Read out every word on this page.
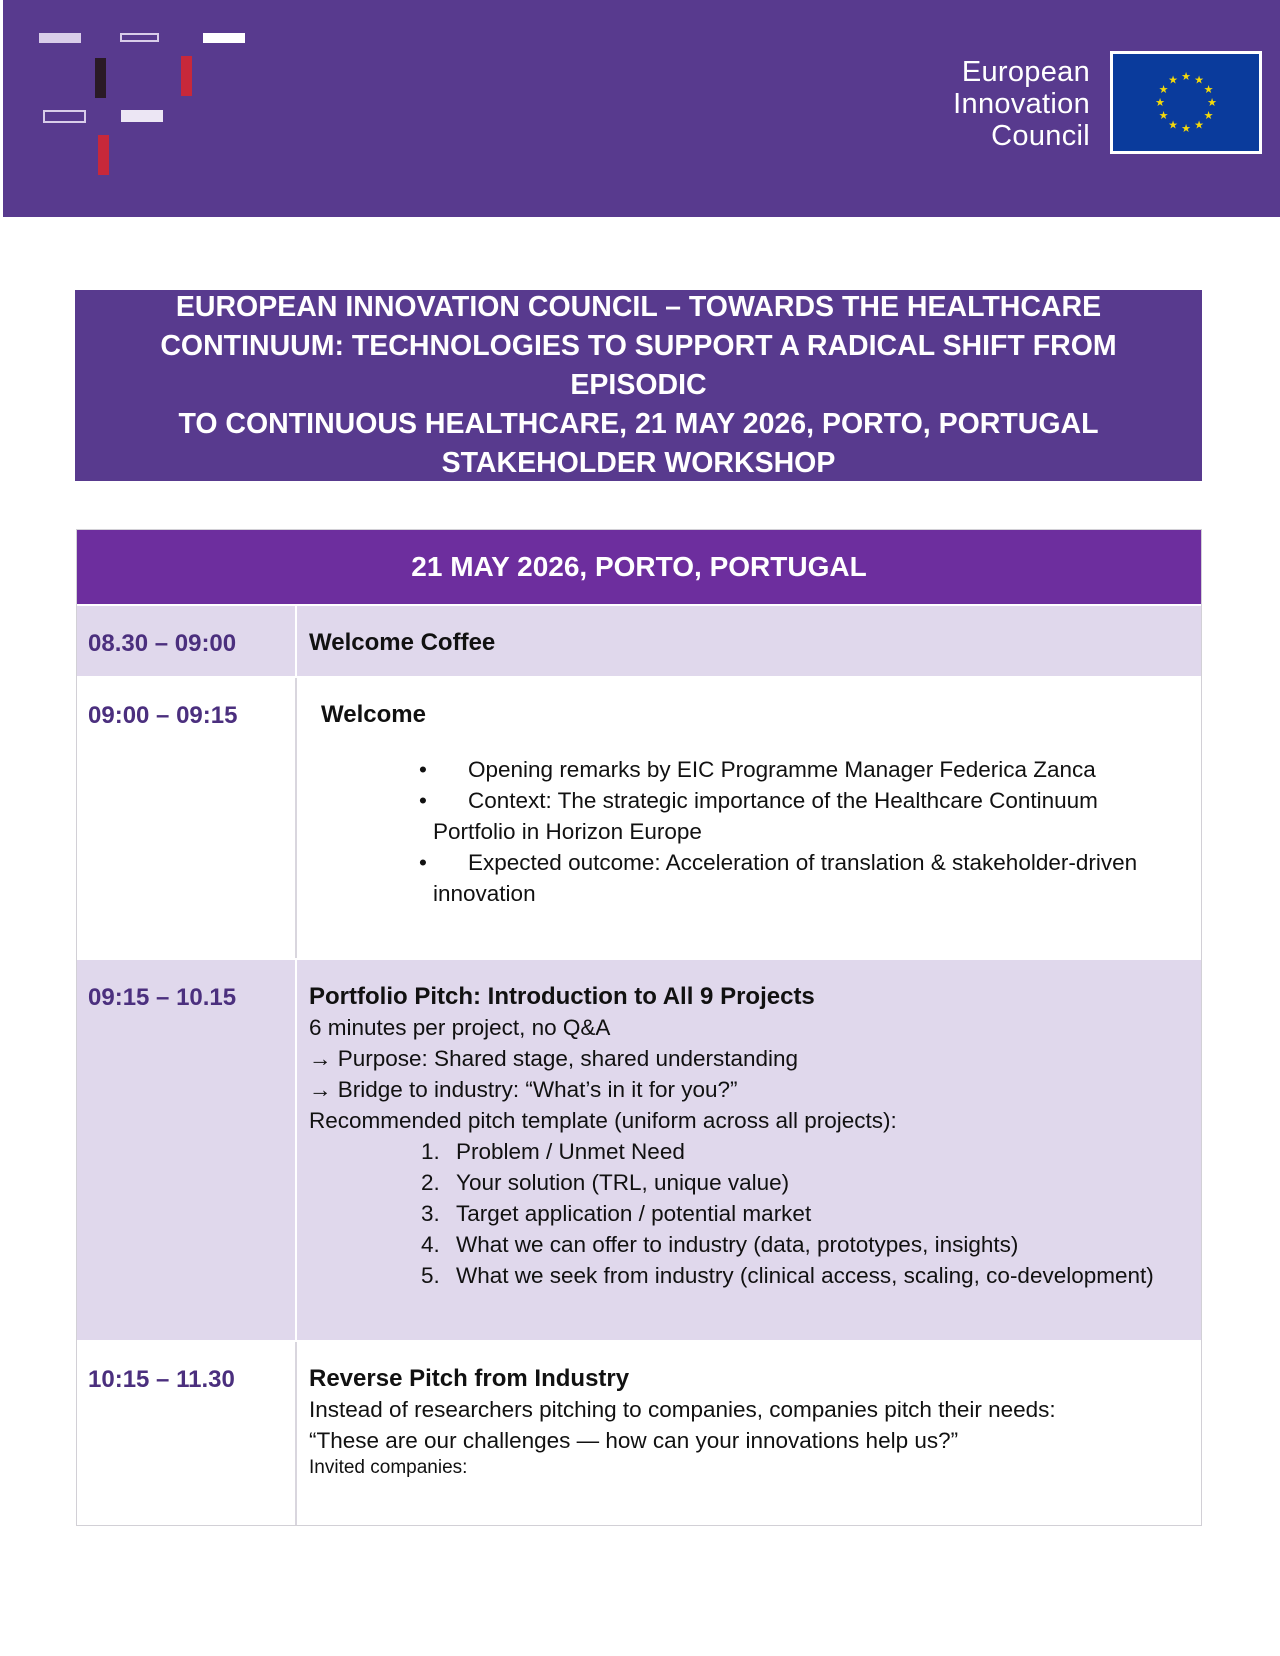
European
Innovation
Council
★ ★
★
★
★
★
★
★
★
★
★
★
EUROPEAN INNOVATION COUNCIL – TOWARDS THE HEALTHCARE
CONTINUUM: TECHNOLOGIES TO SUPPORT A RADICAL SHIFT FROM EPISODIC
TO CONTINUOUS HEALTHCARE, 21 MAY 2026, PORTO, PORTUGAL
STAKEHOLDER WORKSHOP
21 MAY 2026, PORTO, PORTUGAL
08.30 – 09:00	Welcome Coffee
09:00 – 09:15	Welcome
• Opening remarks by EIC Programme Manager Federica Zanca
• Context: The strategic importance of the Healthcare Continuum
Portfolio in Horizon Europe
• Expected outcome: Acceleration of translation & stakeholder-driven
innovation
09:15 – 10.15	Portfolio Pitch: Introduction to All 9 Projects
6 minutes per project, no Q&A
→ Purpose: Shared stage, shared understanding
→ Bridge to industry: “What’s in it for you?”
Recommended pitch template (uniform across all projects):
1. Problem / Unmet Need
2. Your solution (TRL, unique value)
3. Target application / potential market
4. What we can offer to industry (data, prototypes, insights)
5. What we seek from industry (clinical access, scaling, co-development)
10:15 – 11.30	Reverse Pitch from Industry
Instead of researchers pitching to companies, companies pitch their needs:
“These are our challenges — how can your innovations help us?”
Invited companies:
